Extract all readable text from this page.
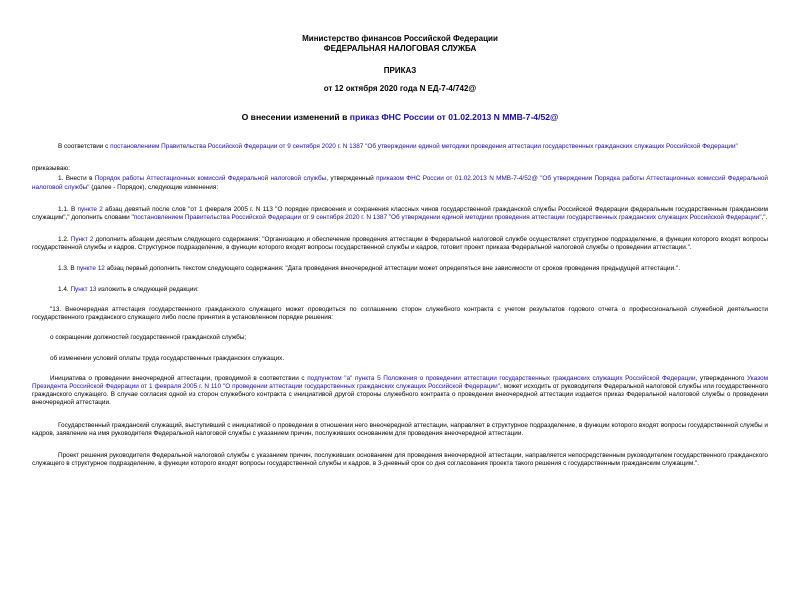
Министерство финансов Российской Федерации
ФЕДЕРАЛЬНАЯ НАЛОГОВАЯ СЛУЖБА
ПРИКАЗ
от 12 октября 2020 года N ЕД-7-4/742@
О внесении изменений в приказ ФНС России от 01.02.2013 N ММВ-7-4/52@

В соответствии с постановлением Правительства Российской Федерации от 9 сентября 2020 г. N 1387 "Об утверждении единой методики проведения аттестации государственных гражданских служащих Российской Федерации"

приказываю:

1. Внести в Порядок работы Аттестационных комиссий Федеральной налоговой службы, утвержденный приказом ФНС России от 01.02.2013 N ММВ-7-4/52@ "Об утверждении Порядка работы Аттестационных комиссий Федеральной налоговой службы" (далее - Порядок), следующие изменения:

1.1. В пункте 2 абзац девятый после слов "от 1 февраля 2005 г. N 113 "О порядке присвоения и сохранения классных чинов государственной гражданской службы Российской Федерации федеральным государственным гражданским служащим"," дополнить словами "постановлением Правительства Российской Федерации от 9 сентября 2020 г. N 1387 "Об утверждении единой методики проведения аттестации государственных гражданских служащих Российской Федерации",".

1.2. Пункт 2 дополнить абзацем десятым следующего содержания: "Организацию и обеспечение проведения аттестации в Федеральной налоговой службе осуществляет структурное подразделение, в функции которого входят вопросы государственной службы и кадров. Структурное подразделение, в функции которого входят вопросы государственной службы и кадров, готовит проект приказа Федеральной налоговой службы о проведении аттестации.".

1.3. В пункте 12 абзац первый дополнить текстом следующего содержания: "Дата проведения внеочередной аттестации может определяться вне зависимости от сроков проведения предыдущей аттестации.".

1.4. Пункт 13 изложить в следующей редакции:

"13. Внеочередная аттестация государственного гражданского служащего может проводиться по соглашению сторон служебного контракта с учетом результатов годового отчета о профессиональной служебной деятельности государственного гражданского служащего либо после принятия в установленном порядке решения:

о сокращении должностей государственной гражданской службы;

об изменении условий оплаты труда государственных гражданских служащих.

Инициатива о проведении внеочередной аттестации, проводимой в соответствии с подпунктом "а" пункта 5 Положения о проведении аттестации государственных гражданских служащих Российской Федерации, утвержденного Указом Президента Российской Федерации от 1 февраля 2005 г. N 110 "О проведении аттестации государственных гражданских служащих Российской Федерации", может исходить от руководителя Федеральной налоговой службы или государственного гражданского служащего. В случае согласия одной из сторон служебного контракта с инициативой другой стороны служебного контракта о проведении внеочередной аттестации издается приказ Федеральной налоговой службы о проведении внеочередной аттестации.

Государственный гражданский служащий, выступивший с инициативой о проведении в отношении него внеочередной аттестации, направляет в структурное подразделение, в функции которого входят вопросы государственной службы и кадров, заявление на имя руководителя Федеральной налоговой службы с указанием причин, послуживших основанием для проведения внеочередной аттестации.

Проект решения руководителя Федеральной налоговой службы с указанием причин, послуживших основанием для проведения внеочередной аттестации, направляется непосредственным руководителем государственного гражданского служащего в структурное подразделение, в функции которого входят вопросы государственной службы и кадров, в 3-дневный срок со дня согласования проекта такого решения с государственным гражданским служащим.".
